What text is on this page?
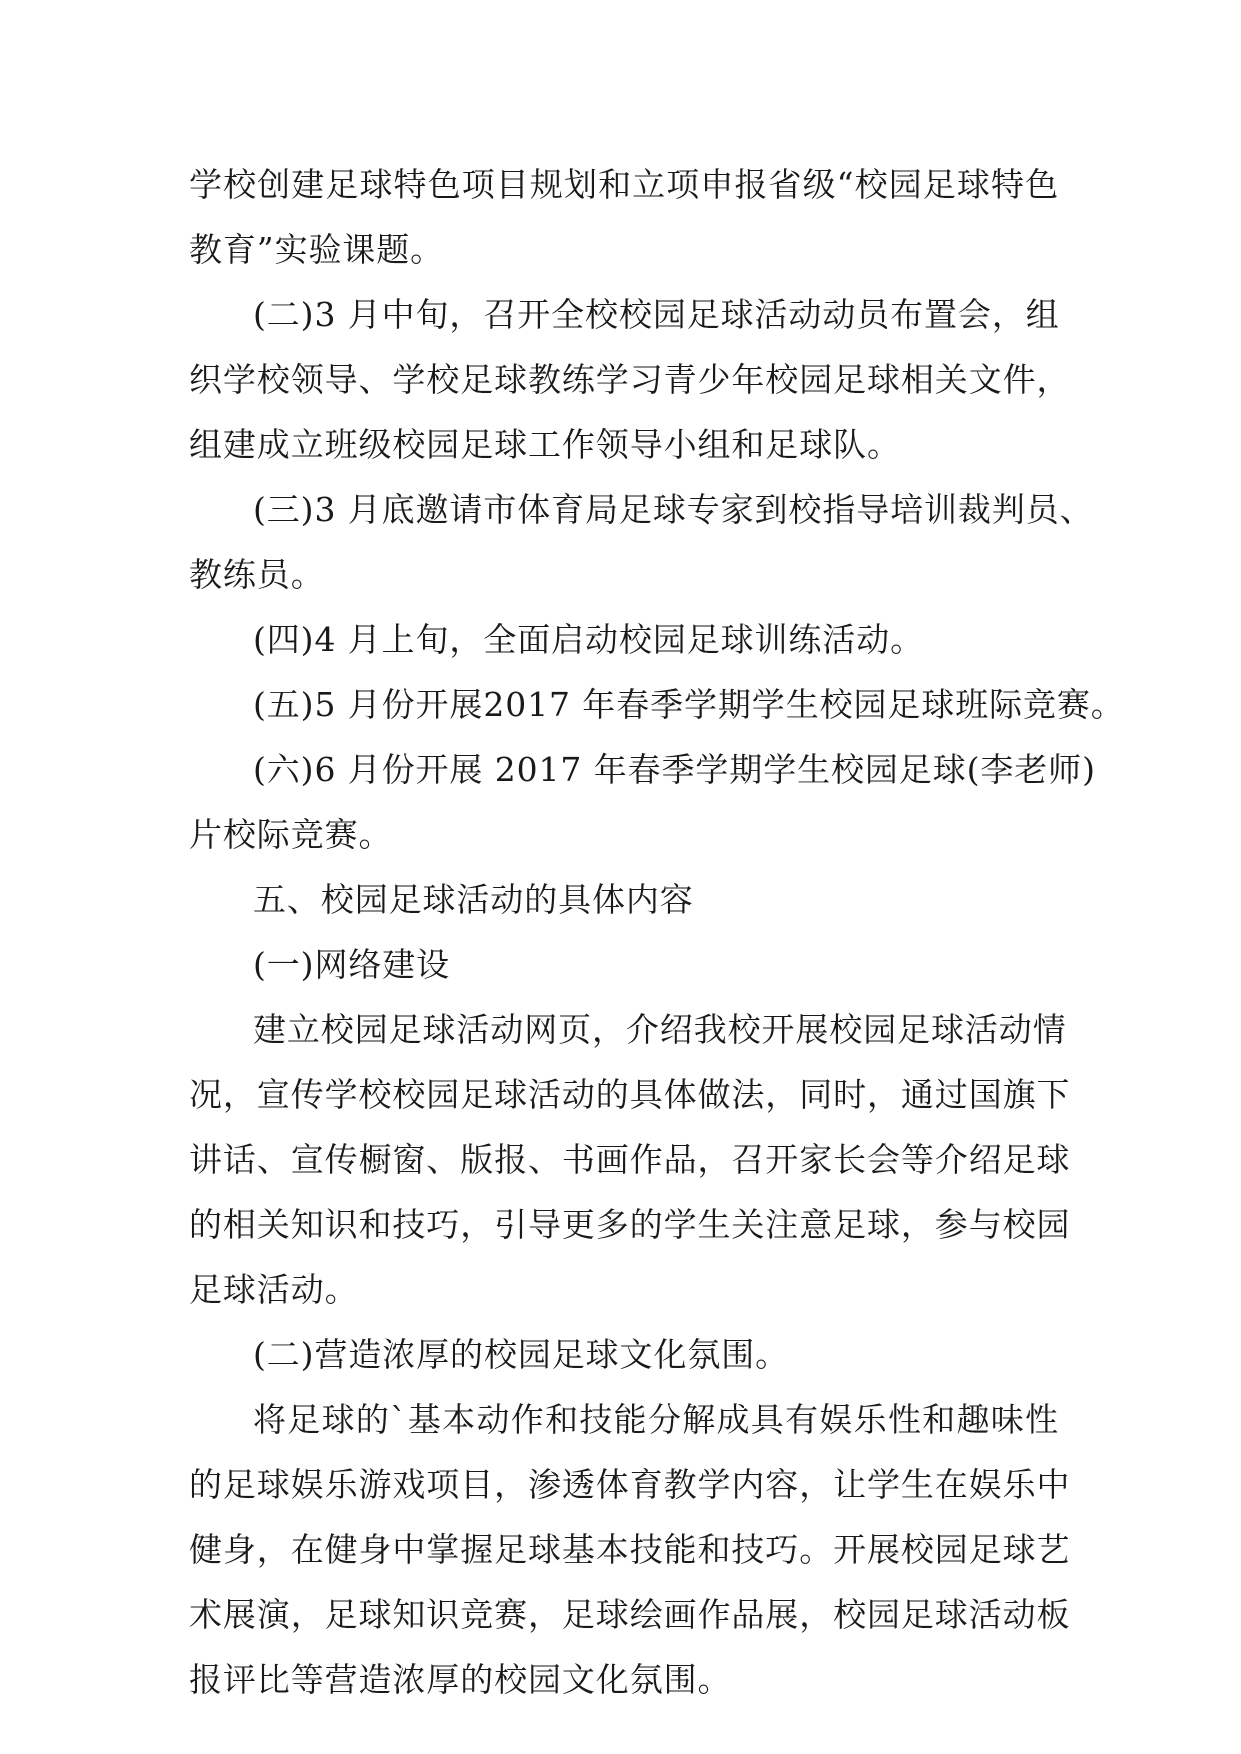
学校创建足球特色项目规划和立项申报省级“校园足球特色
教育”实验课题。
(二)3 月中旬，召开全校校园足球活动动员布置会，组
织学校领导、学校足球教练学习青少年校园足球相关文件，
组建成立班级校园足球工作领导小组和足球队。
(三)3 月底邀请市体育局足球专家到校指导培训裁判员、
教练员。
(四)4 月上旬，全面启动校园足球训练活动。
(五)5 月份开展2017 年春季学期学生校园足球班际竞赛。
(六)6 月份开展 2017 年春季学期学生校园足球(李老师)
片校际竞赛。
五、校园足球活动的具体内容
(一)网络建设
建立校园足球活动网页，介绍我校开展校园足球活动情
况，宣传学校校园足球活动的具体做法，同时，通过国旗下
讲话、宣传橱窗、版报、书画作品，召开家长会等介绍足球
的相关知识和技巧，引导更多的学生关注意足球，参与校园
足球活动。
(二)营造浓厚的校园足球文化氛围。
将足球的`基本动作和技能分解成具有娱乐性和趣味性
的足球娱乐游戏项目，渗透体育教学内容，让学生在娱乐中
健身，在健身中掌握足球基本技能和技巧。开展校园足球艺
术展演，足球知识竞赛，足球绘画作品展，校园足球活动板
报评比等营造浓厚的校园文化氛围。
